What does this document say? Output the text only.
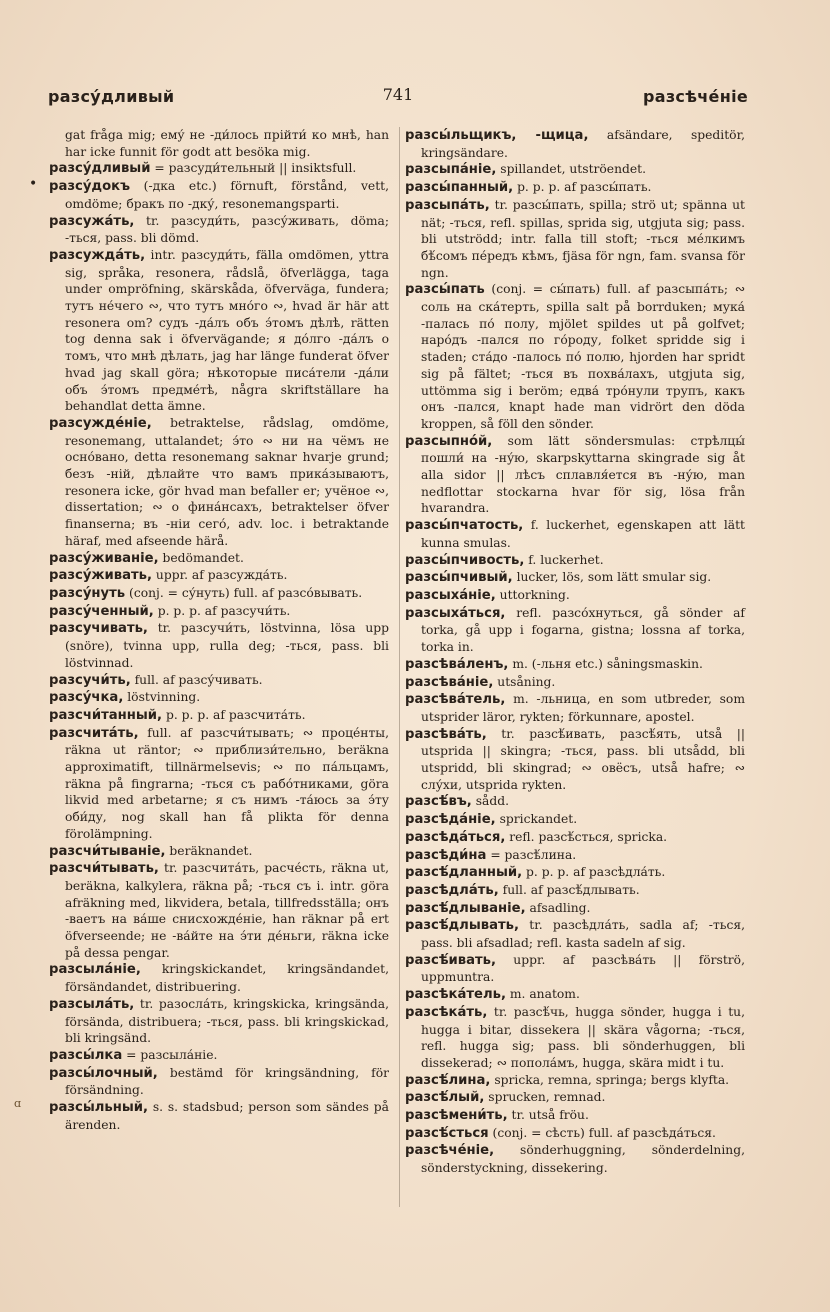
разсу́дливый	741	разсѣче́ніе
•
ɑ

gat fråga mig; ему́ не -ди́лось прійти́ ко мнѣ, han har icke funnit för godt att besöka mig.

разсу́дливый = разсуди́тельный || insiktsfull.

разсу́докъ (-дка etc.) förnuft, förstånd, vett, omdöme; бракъ по -дку́, resonemangsparti.

разсужа́ть, tr. разсуди́ть, разсу́живать, döma; -ться, pass. bli dömd.

разсужда́ть, intr. разсуди́ть, fälla omdömen, yttra sig, språka, resonera, rådslå, öfverlägga, taga under ompröfning, skärskåda, öfverväga, fundera; тутъ не́чего ∾, что тутъ мно́го ∾, hvad är här att resonera om? судъ -да́лъ объ э́томъ дѣлѣ, rätten tog denna sak i öfvervägande; я до́лго -да́лъ о томъ, что мнѣ дѣлать, jag har länge funderat öfver hvad jag skall göra; нѣкоторые писа́тели -да́ли объ э́томъ предме́тѣ, några skriftställare ha behandlat detta ämne.

разсужде́ніе, betraktelse, rådslag, omdöme, resonemang, uttalandet; э́то ∾ ни на чёмъ не осно́вано, detta resonemang saknar hvarje grund; безъ -ній, дѣлайте что вамъ прика́зываютъ, resonera icke, gör hvad man befaller er; учёное ∾, dissertation; ∾ о фина́нсахъ, betraktelser öfver finanserna; въ -ніи сего́, adv. loc. i betraktande häraf, med afseende härå.

разсу́живаніе, bedömandet.

разсу́живать, uppr. af разсужда́ть.

разсу́нуть (conj. = су́нуть) full. af разсо́вывать.

разсу́ченный, p. p. p. af разсучи́ть.

разсучивать, tr. разсучи́ть, löstvinna, lösa upp (snöre), tvinna upp, rulla deg; -ться, pass. bli löstvinnad.

разсучи́ть, full. af разсу́чивать.

разсу́чка, löstvinning.

разсчи́танный, p. p. p. af разсчита́ть.

разсчита́ть, full. af разсчи́тывать; ∾ проце́нты, räkna ut räntor; ∾ приблизи́тельно, beräkna approximatift, tillnärmelsevis; ∾ по па́льцамъ, räkna på fingrarna; -ться съ рабо́тниками, göra likvid med arbetarne; я съ нимъ -та́юсь за э́ту оби́ду, nog skall han få plikta för denna förolämpning.

разсчи́тываніе, beräknandet.

разсчи́тывать, tr. разсчита́ть, расче́сть, räkna ut, beräkna, kalkylera, räkna på; -ться съ i. intr. göra afräkning med, likvidera, betala, tillfredsställa; онъ -ваетъ на ва́ше снисхожде́ніе, han räknar på ert öfverseende; не -ва́йте на э́ти де́ньги, räkna icke på dessa pengar.

разсыла́ніе, kringskickandet, kringsändandet, försändandet, distribuering.

разсыла́ть, tr. разосла́ть, kringskicka, kringsända, försända, distribuera; -ться, pass. bli kringskickad, bli kringsänd.

разсы́лка = разсыла́ніе.

разсы́лочный, bestämd för kringsändning, för försändning.

разсы́льный, s. s. stadsbud; person som sändes på ärenden.

разсы́льщикъ, -щица, afsändare, speditör, kringsändare.

разсыпа́ніе, spillandet, utströendet.

разсы́панный, p. p. p. af разсы́пать.

разсыпа́ть, tr. разсы́пать, spilla; strö ut; spänna ut nät; -ться, refl. spillas, sprida sig, utgjuta sig; pass. bli utströdd; intr. falla till stoft; -ться ме́лкимъ бѣ́сомъ пе́редъ кѣмъ, fjäsa för ngn, fam. svansa för ngn.

разсы́пать (conj. = сы́пать) full. af разсыпа́ть; ∾ соль на ска́терть, spilla salt på borrduken; мука́ -палась по́ полу, mjölet spildes ut på golfvet; наро́дъ -пался по го́роду, folket spridde sig i staden; ста́до -палось по́ полю, hjorden har spridt sig på fältet; -ться въ похва́лахъ, utgjuta sig, uttömma sig i beröm; едва́ тро́нули трупъ, какъ онъ -пался, knapt hade man vidrört den döda kroppen, så föll den sönder.

разсыпно́й, som lätt söndersmulas: стрѣлцы́ пошли́ на -ну́ю, skarpskyttarna skingrade sig åt alla sidor || лѣсъ сплавля́ется въ -ну́ю, man nedflottar stockarna hvar för sig, lösa från hvarandra.

разсы́пчатость, f. luckerhet, egenskapen att lätt kunna smulas.

разсы́пчивость, f. luckerhet.

разсы́пчивый, lucker, lös, som lätt smular sig.

разсыха́ніе, uttorkning.

разсыха́ться, refl. разсо́хнуться, gå sönder af torka, gå upp i fogarna, gistna; lossna af torka, torka in.

разсѣва́ленъ, m. (-льня etc.) såningsmaskin.

разсѣва́ніе, utsåning.

разсѣва́тель, m. -льница, en som utbreder, som utsprider läror, rykten; förkunnare, apostel.

разсѣва́ть, tr. разсѣ́ивать, разсѣ́ять, utså || utsprida || skingra; -ться, pass. bli utsådd, bli utspridd, bli skingrad; ∾ овёсъ, utså hafre; ∾ слу́хи, utsprida rykten.

разсѣ́въ, sådd.

разсѣда́ніе, sprickandet.

разсѣда́ться, refl. разсѣ́сться, spricka.

разсѣди́на = разсѣ́лина.

разсѣ́дланный, p. p. p. af разсѣдла́ть.

разсѣдла́ть, full. af разсѣ́длывать.

разсѣ́длываніе, afsadling.

разсѣ́длывать, tr. разсѣдла́ть, sadla af; -ться, pass. bli afsadlad; refl. kasta sadeln af sig.

разсѣ́ивать, uppr. af разсѣва́ть || förströ, uppmuntra.

разсѣка́тель, m. anatom.

разсѣка́ть, tr. разсѣ́чь, hugga sönder, hugga i tu, hugga i bitar, dissekera || skära vågorna; -ться, refl. hugga sig; pass. bli sönderhuggen, bli dissekerad; ∾ попола́мъ, hugga, skära midt i tu.

разсѣ́лина, spricka, remna, springa; bergs klyfta.

разсѣ́лый, sprucken, remnad.

разсѣмени́ть, tr. utså fröu.

разсѣ́сться (conj. = сѣсть) full. af разсѣда́ться.

разсѣче́ніе, sönderhuggning, sönderdelning, sönderstyckning, dissekering.
